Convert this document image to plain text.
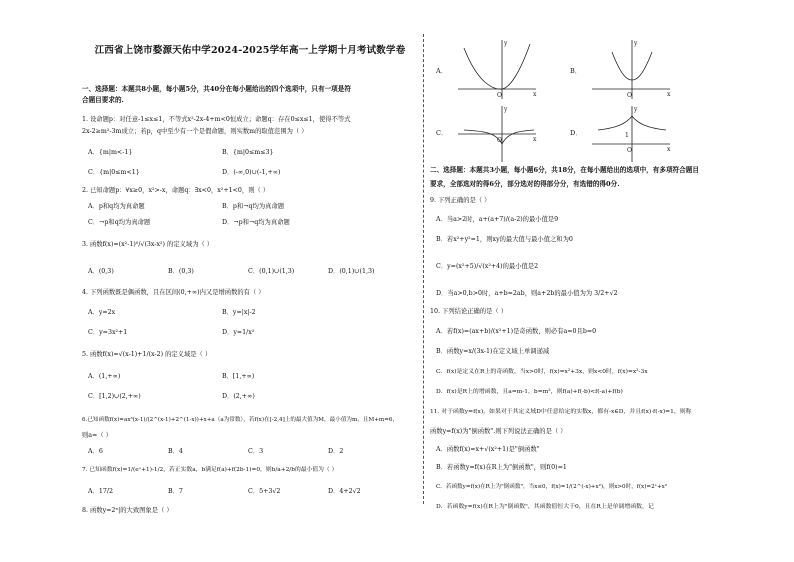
江西省上饶市婺源天佑中学2024-2025学年高一上学期十月考试数学卷
一、选择题：本题共8小题，每小题5分，共40分在每小题给出的四个选项中，只有一项是符
合题目要求的.
1. 设命题p：对任意-1≤x≤1，不等式x²-2x-4+m<0恒成立；命题q：存在0≤x≤1，使得不等式
2x-2≥m²-3m成立；若p，q中至少有一个是假命题，则实数m的取值范围为（ ）
A．{m|m<-1}	B．{m|0≤m≤3}
C．{m|0≤m<1}	D．(-∞,0)∪(-1,+∞)
2. 已知命题p：∀x≥0，x²>-x，命题q：∃x<0，x²+1<0，则（ ）
A．p和q均为真命题	B．p和¬q均为真命题
C．¬p和q均为真命题	D．¬p和¬q均为真命题
3. 函数f(x)=(x²-1)⁰/√(3x-x²) 的定义域为（ ）
A．(0,3)	B．(0,3)	C．(0,1)∪(1,3)	D．(0,1)∪(1,3)
4. 下列函数既是偶函数，且在区间(0,+∞)内又是增函数的有（ ）
A．y=2x	B．y=|x|-2
C．y=3x²+1	D．y=1/x²
5. 函数f(x)=√(x-1)+1/(x-2) 的定义域是（ ）
A．(1,+∞)	B．[1,+∞)
C．[1,2)∪(2,+∞)	D．(2,+∞)
6.已知函数f(x)=ax³(x-1)/(2^(x-1)+2^(1-x))+x+a（a为常数），若f(x)在[-2,4]上的最大值为M，最小值为m，且M+m=6，
则a=（ ）
A．6	B．4	C．3	D．2
7. 已知函数f(x)=1/(eˣ+1)-1/2，若正实数a，b满足f(a)+f(2b-1)=0，则b/a+2/b的最小值为（ ）
A．17/2	B．7	C．5+3√2	D．4+2√2
8. 函数y=2ˣ|的大致图象是（ ）
A．
O	x
y
B．
O	x
y
C．
O	x
y
D．
O
1
x
y
二、选择题：本题共3小题，每小题6分，共18分，在每小题给出的选项中，有多项符合题目
要求，全部选对的得6分，部分选对的得部分分，有选错的得0分.
9. 下列正确的是（ ）
A．当a>2时，a+(a+7)/(a-2)的最小值是9
B．若x²+y²=1，则xy的最大值与最小值之和为0
C．y=(x²+5)/√(x²+4)的最小值是2
D．当a>0,b>0时，a+b=2ab，则a+2b的最小值为为 3/2+√2
10. 下列结论正确的是（ ）
A．若f(x)=(ax+b)/(x²+1)是奇函数，则必有a=0且b=0
B．函数y=x/(3x-1)在定义域上单调递减
C．f(x)是定义在R上的奇函数，当x>0时，f(x)=x²+3x，则x<0时，f(x)=x²-3x
D．f(x)是R上的增函数，且a=m-1，b=m²，则f(a)+f(-b)<f(-a)+f(b)
11. 对于函数y=f(x)，如果对于其定义域D中任意给定的实数x，都有-x∈D，并且f(x)·f(-x)=1，则称
函数y=f(x)为"倒函数".则下列说法正确的是（ ）
A．函数f(x)=x+√(x²+1)是"倒函数"
B．若函数y=f(x)在R上为"倒函数"，则f(0)=1
C．若函数y=f(x)在R上为"倒函数"，当x≤0，f(x)=1/(2^(-x)+x²)，则x>0时，f(x)=2ˣ+x²
D．若函数y=f(x)在R上为"倒函数"，其函数值恒大于0，且在R上是单调增函数，记
